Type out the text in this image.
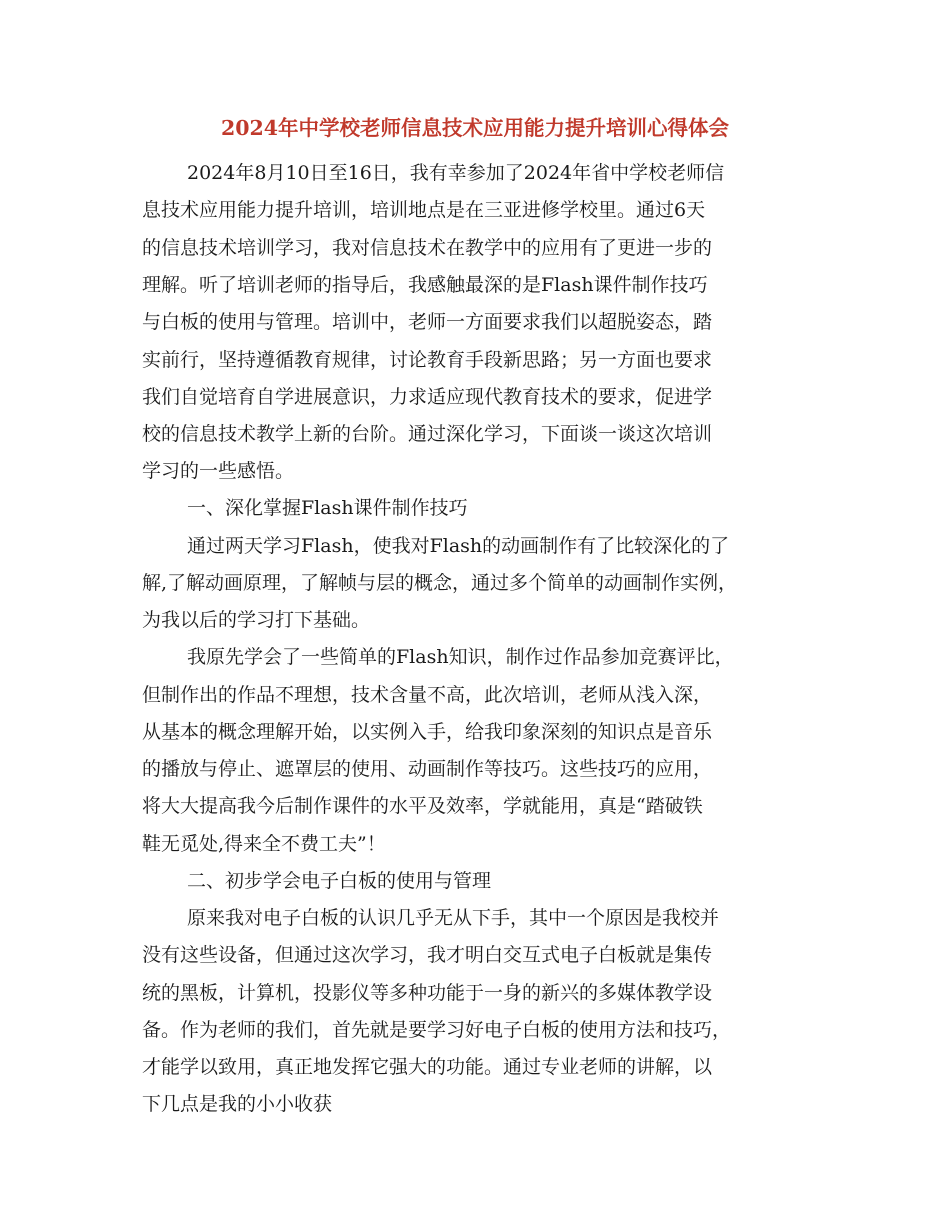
2024年中学校老师信息技术应用能力提升培训心得体会
2024年8月10日至16日，我有幸参加了2024年省中学校老师信
息技术应用能力提升培训，培训地点是在三亚进修学校里。通过6天
的信息技术培训学习，我对信息技术在教学中的应用有了更进一步的
理解。听了培训老师的指导后，我感触最深的是Flash课件制作技巧
与白板的使用与管理。培训中，老师一方面要求我们以超脱姿态，踏
实前行，坚持遵循教育规律，讨论教育手段新思路；另一方面也要求
我们自觉培育自学进展意识，力求适应现代教育技术的要求，促进学
校的信息技术教学上新的台阶。通过深化学习，下面谈一谈这次培训
学习的一些感悟。
一、深化掌握Flash课件制作技巧
通过两天学习Flash，使我对Flash的动画制作有了比较深化的了
解,了解动画原理，了解帧与层的概念，通过多个简单的动画制作实例，
为我以后的学习打下基础。
我原先学会了一些简单的Flash知识，制作过作品参加竞赛评比，
但制作出的作品不理想，技术含量不高，此次培训，老师从浅入深，
从基本的概念理解开始，以实例入手，给我印象深刻的知识点是音乐
的播放与停止、遮罩层的使用、动画制作等技巧。这些技巧的应用，
将大大提高我今后制作课件的水平及效率，学就能用，真是“踏破铁
鞋无觅处,得来全不费工夫”！
二、初步学会电子白板的使用与管理
原来我对电子白板的认识几乎无从下手，其中一个原因是我校并
没有这些设备，但通过这次学习，我才明白交互式电子白板就是集传
统的黑板，计算机，投影仪等多种功能于一身的新兴的多媒体教学设
备。作为老师的我们，首先就是要学习好电子白板的使用方法和技巧，
才能学以致用，真正地发挥它强大的功能。通过专业老师的讲解，以
下几点是我的小小收获
